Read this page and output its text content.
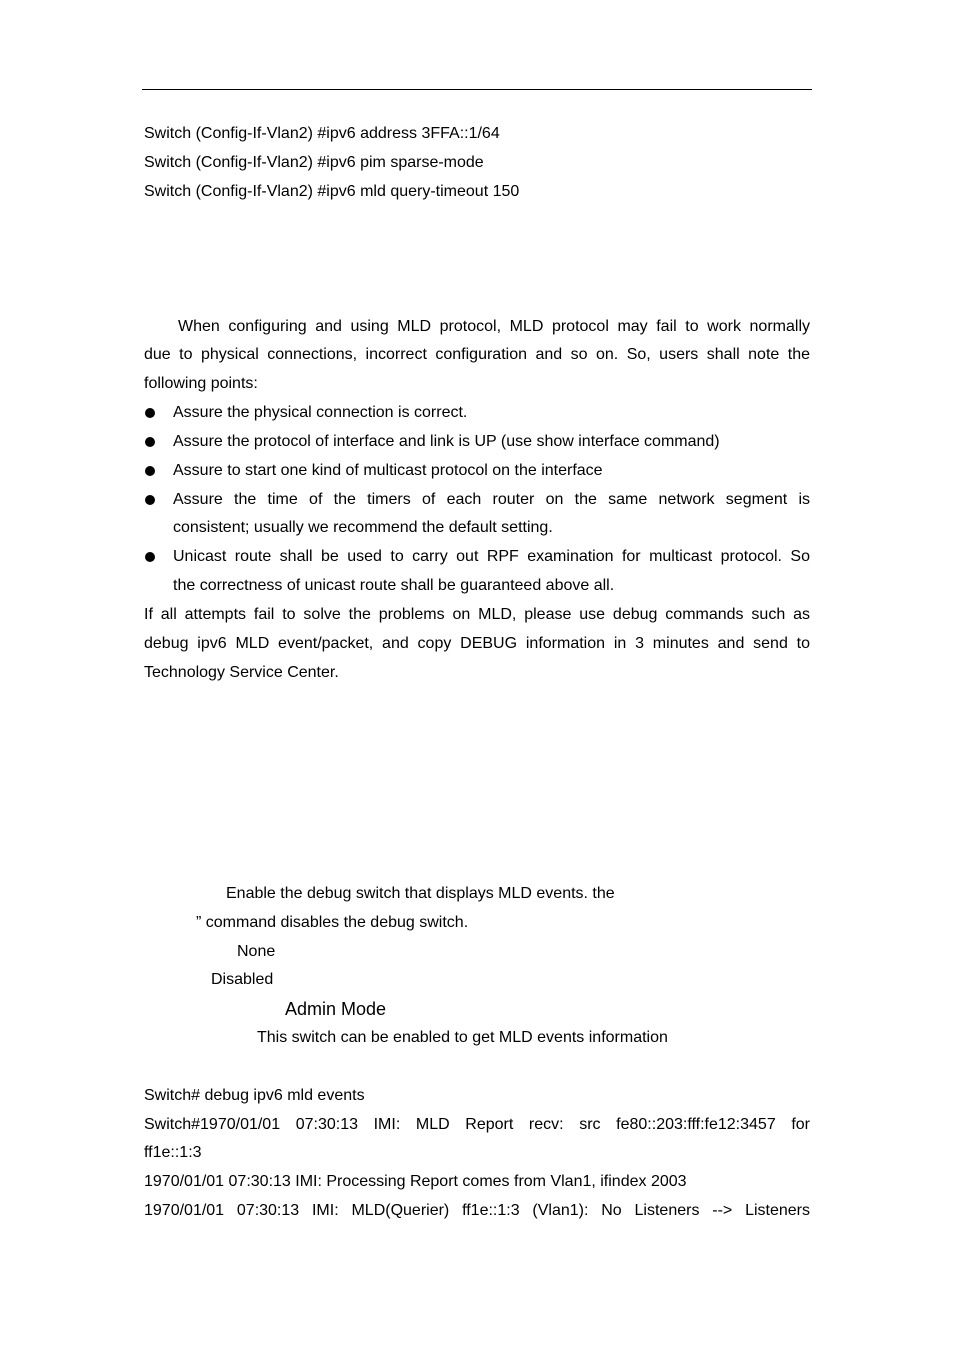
Switch (Config-If-Vlan2) #ipv6 address 3FFA::1/64
Switch (Config-If-Vlan2) #ipv6 pim sparse-mode
Switch (Config-If-Vlan2) #ipv6 mld query-timeout 150
When configuring and using MLD protocol, MLD protocol may fail to work normally
due to physical connections, incorrect configuration and so on. So, users shall note the
following points:
Assure the physical connection is correct.
Assure the protocol of interface and link is UP (use show interface command)
Assure to start one kind of multicast protocol on the interface
Assure the time of the timers of each router on the same network segment is
consistent; usually we recommend the default setting.
Unicast route shall be used to carry out RPF examination for multicast protocol. So
the correctness of unicast route shall be guaranteed above all.
If all attempts fail to solve the problems on MLD, please use debug commands such as
debug ipv6 MLD event/packet, and copy DEBUG information in 3 minutes and send to
Technology Service Center.
Enable the debug switch that displays MLD events. the
” command disables the debug switch.
None
Disabled
Admin Mode
This switch can be enabled to get MLD events information
Switch# debug ipv6 mld events
Switch#1970/01/01 07:30:13 IMI: MLD Report recv: src fe80::203:fff:fe12:3457 for
ff1e::1:3
1970/01/01 07:30:13 IMI: Processing Report comes from Vlan1, ifindex 2003
1970/01/01 07:30:13 IMI: MLD(Querier) ff1e::1:3 (Vlan1): No Listeners --> Listeners
